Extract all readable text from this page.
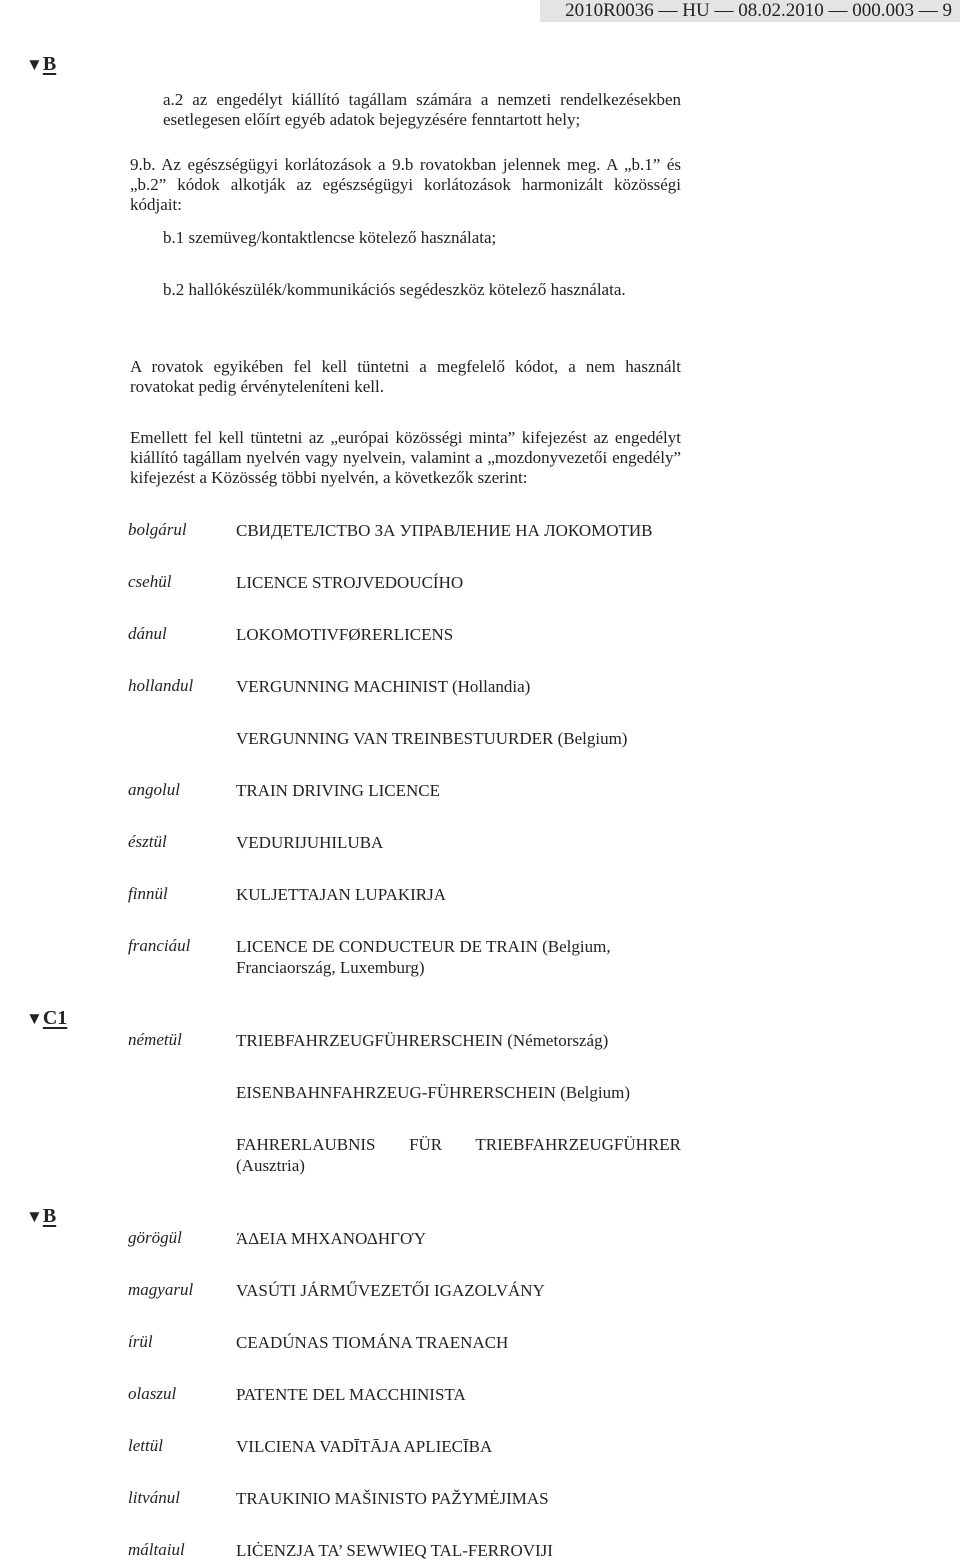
2010R0036 — HU — 08.02.2010 — 000.003 — 9
▼B
▼C1
▼B
a.2 az engedélyt kiállító tagállam számára a nemzeti rendelkezésekben esetlegesen előírt egyéb adatok bejegyzésére fenntartott hely;
9.b. Az egészségügyi korlátozások a 9.b rovatokban jelennek meg. A „b.1” és „b.2” kódok alkotják az egészségügyi korlátozások harmonizált közösségi kódjait:
b.1 szemüveg/kontaktlencse kötelező használata;
b.2 hallókészülék/kommunikációs segédeszköz kötelező használata.
A rovatok egyikében fel kell tüntetni a megfelelő kódot, a nem használt rovatokat pedig érvényteleníteni kell.
Emellett fel kell tüntetni az „európai közösségi minta” kifejezést az engedélyt kiállító tagállam nyelvén vagy nyelvein, valamint a „mozdonyvezetői engedély” kifejezést a Közösség többi nyelvén, a következők szerint:
bolgárul	СВИДЕТЕЛСТВО ЗА УПРАВЛЕНИЕ НА ЛОКОМОТИВ
csehül	LICENCE STROJVEDOUCÍHO
dánul	LOKOMOTIVFØRERLICENS
hollandul	VERGUNNING MACHINIST (Hollandia)
VERGUNNING VAN TREINBESTUURDER (Belgium)
angolul	TRAIN DRIVING LICENCE
észtül	VEDURIJUHILUBA
finnül	KULJETTAJAN LUPAKIRJA
franciául	LICENCE DE CONDUCTEUR DE TRAIN (Belgium, Franciaország, Luxemburg)
németül	TRIEBFAHRZEUGFÜHRERSCHEIN (Németország)
EISENBAHNFAHRZEUG-FÜHRERSCHEIN (Belgium)
FAHRERLAUBNIS FÜR TRIEBFAHRZEUGFÜHRER (Ausztria)
görögül	ΆΔΕΙΑ ΜΗΧΑΝΟΔΗΓΟΎ
magyarul	VASÚTI JÁRMŰVEZETŐI IGAZOLVÁNY
írül	CEADÚNAS TIOMÁNA TRAENACH
olaszul	PATENTE DEL MACCHINISTA
lettül	VILCIENA VADĪTĀJA APLIECĪBA
litvánul	TRAUKINIO MAŠINISTO PAŽYMĖJIMAS
máltaiul	LIĊENZJA TA’ SEWWIEQ TAL-FERROVIJI
